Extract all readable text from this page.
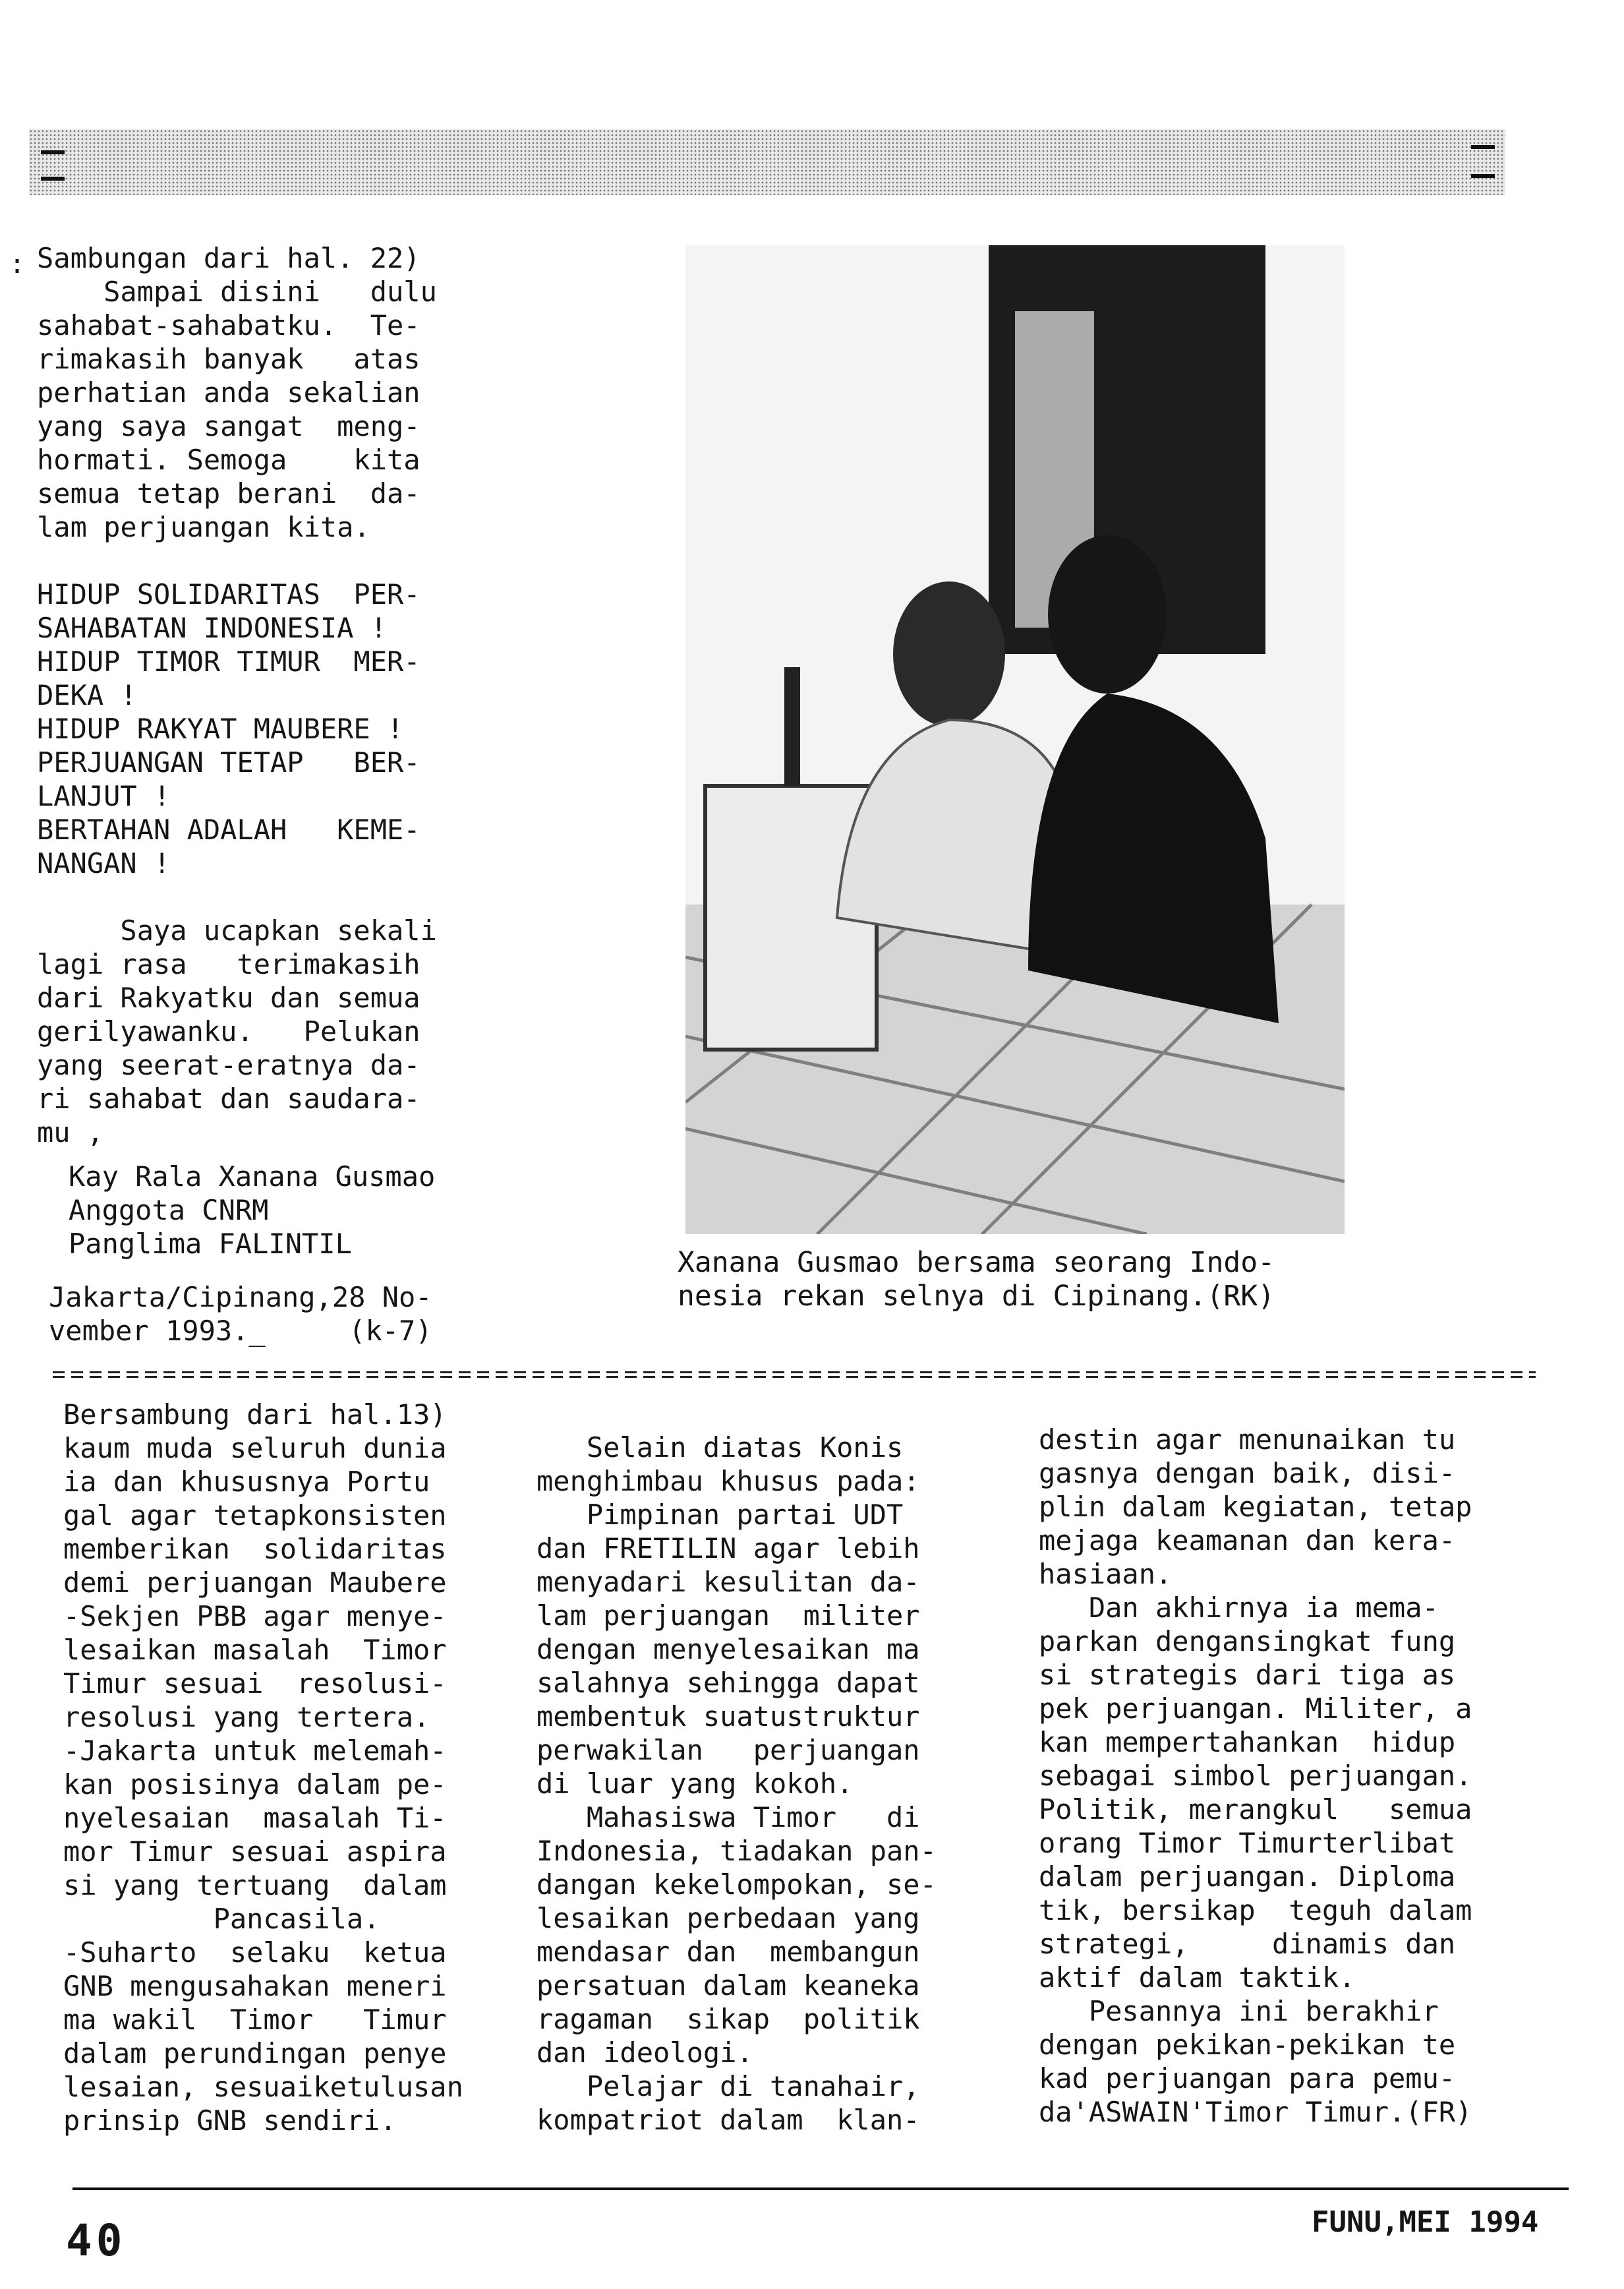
: Sambungan dari hal. 22)

Sampai disini   dulu

sahabat-sahabatku.  Te-

rimakasih banyak   atas

perhatian anda sekalian

yang saya sangat  meng-

hormati. Semoga    kita

semua tetap berani  da-

lam perjuangan kita.

HIDUP SOLIDARITAS  PER-

SAHABATAN INDONESIA !

HIDUP TIMOR TIMUR  MER-

DEKA !

HIDUP RAKYAT MAUBERE !

PERJUANGAN TETAP   BER-

LANJUT !

BERTAHAN ADALAH   KEME-

NANGAN !

Saya ucapkan sekali

lagi rasa   terimakasih

dari Rakyatku dan semua

gerilyawanku.   Pelukan

yang seerat-eratnya da-

ri sahabat dan saudara-

mu ,

Kay Rala Xanana Gusmao

Anggota CNRM

Panglima FALINTIL

Jakarta/Cipinang,28 No-

vember 1993._	(k-7)

Xanana Gusmao bersama seorang Indo-

nesia rekan selnya di Cipinang.(RK)

Bersambung dari hal.13)

kaum muda seluruh dunia

ia dan khususnya Portu

gal agar tetapkonsisten

memberikan  solidaritas

demi perjuangan Maubere

-Sekjen PBB agar menye-

lesaikan masalah  Timor

Timur sesuai  resolusi-

resolusi yang tertera.

-Jakarta untuk melemah-

kan posisinya dalam pe-

nyelesaian  masalah Ti-

mor Timur sesuai aspira

si yang tertuang  dalam

Pancasila.

-Suharto  selaku  ketua

GNB mengusahakan meneri

ma wakil  Timor   Timur

dalam perundingan penye

lesaian, sesuaiketulusan

prinsip GNB sendiri.

Selain diatas Konis

menghimbau khusus pada:

Pimpinan partai UDT

dan FRETILIN agar lebih

menyadari kesulitan da-

lam perjuangan  militer

dengan menyelesaikan ma

salahnya sehingga dapat

membentuk suatustruktur

perwakilan   perjuangan

di luar yang kokoh.

Mahasiswa Timor   di

Indonesia, tiadakan pan-

dangan kekelompokan, se-

lesaikan perbedaan yang

mendasar dan  membangun

persatuan dalam keaneka

ragaman  sikap  politik

dan ideologi.

Pelajar di tanahair,

kompatriot dalam  klan-

destin agar menunaikan tu

gasnya dengan baik, disi-

plin dalam kegiatan, tetap

mejaga keamanan dan kera-

hasiaan.

Dan akhirnya ia mema-

parkan dengansingkat fung

si strategis dari tiga as

pek perjuangan. Militer, a

kan mempertahankan  hidup

sebagai simbol perjuangan.

Politik, merangkul   semua

orang Timor Timurterlibat

dalam perjuangan. Diploma

tik, bersikap  teguh dalam

strategi,     dinamis dan

aktif dalam taktik.

Pesannya ini berakhir

dengan pekikan-pekikan te

kad perjuangan para pemu-

da'ASWAIN'Timor Timur.(FR)

40	FUNU,MEI 1994
